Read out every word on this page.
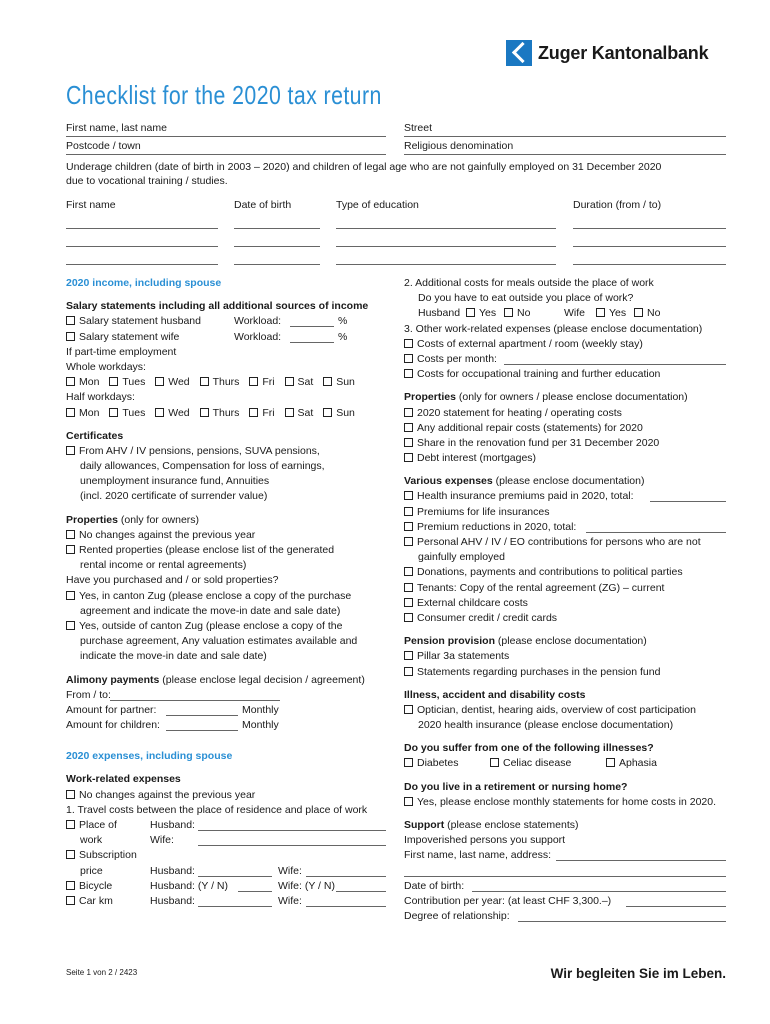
Zuger Kantonalbank
Checklist for the 2020 tax return
First name, last name	Street
Postcode / town	Religious denomination
Underage children (date of birth in 2003 – 2020) and children of legal age who are not gainfully employed on 31 December 2020
due to vocational training / studies.
First name	Date of birth	Type of education	Duration (from / to)
2020 income, including spouse
Salary statements including all additional sources of income
Salary statement husband	Workload:	%
Salary statement wife	Workload:	%
If part-time employment
Whole workdays:
Mon Tues Wed Thurs Fri Sat Sun
Half workdays:
Mon Tues Wed Thurs Fri Sat Sun
Certificates
From AHV / IV pensions, pensions, SUVA pensions,
daily allowances, Compensation for loss of earnings,
unemployment insurance fund, Annuities
(incl. 2020 certificate of surrender value)
Properties (only for owners)
No changes against the previous year
Rented properties (please enclose list of the generated
rental income or rental agreements)
Have you purchased and / or sold properties?
Yes, in canton Zug (please enclose a copy of the purchase
agreement and indicate the move-in date and sale date)
Yes, outside of canton Zug (please enclose a copy of the
purchase agreement, Any valuation estimates available and
indicate the move-in date and sale date)
Alimony payments (please enclose legal decision / agreement)
From / to:
Amount for partner:	Monthly
Amount for children:	Monthly
2020 expenses, including spouse
Work-related expenses
No changes against the previous year
1. Travel costs between the place of residence and place of work
Place of	Husband:
work	Wife:
Subscription
price	Husband:	Wife:
Bicycle	Husband: (Y / N)	Wife: (Y / N)
Car km	Husband:	Wife:
2. Additional costs for meals outside the place of work
Do you have to eat outside you place of work?
Husband	Yes	No	Wife	Yes	No
3. Other work-related expenses (please enclose documentation)
Costs of external apartment / room (weekly stay)
Costs per month:
Costs for occupational training and further education
Properties (only for owners / please enclose documentation)
2020 statement for heating / operating costs
Any additional repair costs (statements) for 2020
Share in the renovation fund per 31 December 2020
Debt interest (mortgages)
Various expenses (please enclose documentation)
Health insurance premiums paid in 2020, total:
Premiums for life insurances
Premium reductions in 2020, total:
Personal AHV / IV / EO contributions for persons who are not
gainfully employed
Donations, payments and contributions to political parties
Tenants: Copy of the rental agreement (ZG) – current
External childcare costs
Consumer credit / credit cards
Pension provision (please enclose documentation)
Pillar 3a statements
Statements regarding purchases in the pension fund
Illness, accident and disability costs
Optician, dentist, hearing aids, overview of cost participation
2020 health insurance (please enclose documentation)
Do you suffer from one of the following illnesses?
Diabetes	Celiac disease	Aphasia
Do you live in a retirement or nursing home?
Yes, please enclose monthly statements for home costs in 2020.
Support (please enclose statements)
Impoverished persons you support
First name, last name, address:
Date of birth:
Contribution per year: (at least CHF 3,300.–)
Degree of relationship:
Seite 1 von 2 / 2423	Wir begleiten Sie im Leben.
